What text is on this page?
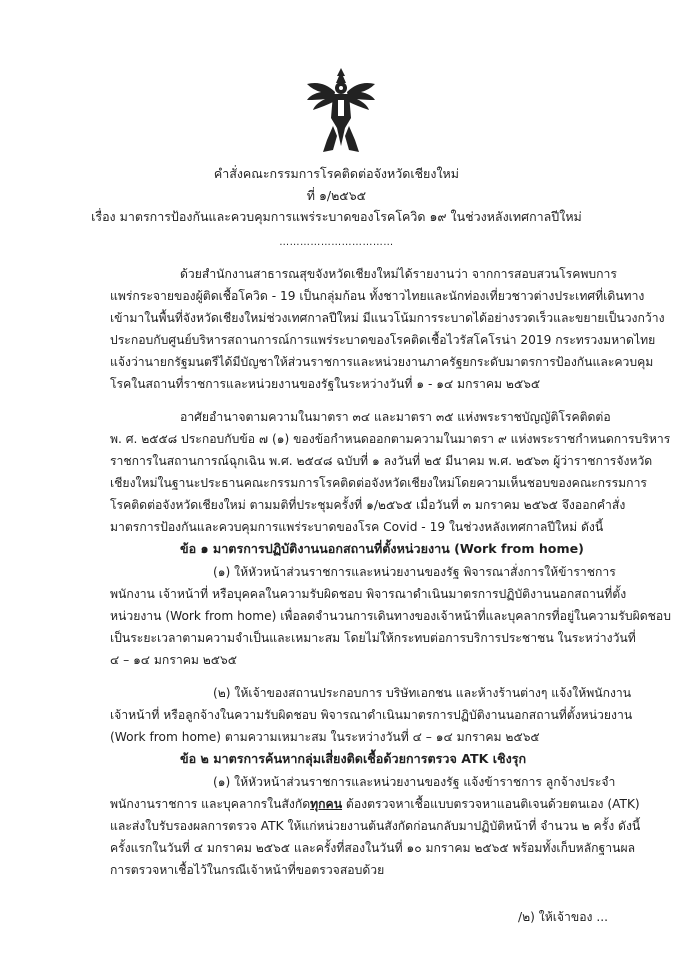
คำสั่งคณะกรรมการโรคติดต่อจังหวัดเชียงใหม่
ที่ ๑/๒๕๖๕
เรื่อง มาตรการป้องกันและควบคุมการแพร่ระบาดของโรคโควิด ๑๙ ในช่วงหลังเทศกาลปีใหม่
……………………………
ด้วยสำนักงานสาธารณสุขจังหวัดเชียงใหม่ได้รายงานว่า จากการสอบสวนโรคพบการ
แพร่กระจายของผู้ติดเชื้อโควิด - 19 เป็นกลุ่มก้อน ทั้งชาวไทยและนักท่องเที่ยวชาวต่างประเทศที่เดินทาง
เข้ามาในพื้นที่จังหวัดเชียงใหม่ช่วงเทศกาลปีใหม่ มีแนวโน้มการระบาดได้อย่างรวดเร็วและขยายเป็นวงกว้าง
ประกอบกับศูนย์บริหารสถานการณ์การแพร่ระบาดของโรคติดเชื้อไวรัสโคโรน่า 2019 กระทรวงมหาดไทย
แจ้งว่านายกรัฐมนตรีได้มีบัญชาให้ส่วนราชการและหน่วยงานภาครัฐยกระดับมาตรการป้องกันและควบคุม
โรคในสถานที่ราชการและหน่วยงานของรัฐในระหว่างวันที่ ๑ - ๑๔ มกราคม ๒๕๖๕
อาศัยอำนาจตามความในมาตรา ๓๔ และมาตรา ๓๕ แห่งพระราชบัญญัติโรคติดต่อ
พ. ศ. ๒๕๕๘ ประกอบกับข้อ ๗ (๑) ของข้อกำหนดออกตามความในมาตรา ๙ แห่งพระราชกำหนดการบริหาร
ราชการในสถานการณ์ฉุกเฉิน พ.ศ. ๒๕๔๘ ฉบับที่ ๑ ลงวันที่ ๒๕ มีนาคม พ.ศ. ๒๕๖๓ ผู้ว่าราชการจังหวัด
เชียงใหม่ในฐานะประธานคณะกรรมการโรคติดต่อจังหวัดเชียงใหม่โดยความเห็นชอบของคณะกรรมการ
โรคติดต่อจังหวัดเชียงใหม่ ตามมติที่ประชุมครั้งที่ ๑/๒๕๖๕ เมื่อวันที่ ๓ มกราคม ๒๕๖๕ จึงออกคำสั่ง
มาตรการป้องกันและควบคุมการแพร่ระบาดของโรค Covid - 19 ในช่วงหลังเทศกาลปีใหม่ ดังนี้
ข้อ ๑ มาตรการปฏิบัติงานนอกสถานที่ตั้งหน่วยงาน (Work from home)
(๑) ให้หัวหน้าส่วนราชการและหน่วยงานของรัฐ พิจารณาสั่งการให้ข้าราชการ
พนักงาน เจ้าหน้าที่ หรือบุคคลในความรับผิดชอบ พิจารณาดำเนินมาตรการปฏิบัติงานนอกสถานที่ตั้ง
หน่วยงาน (Work from home) เพื่อลดจำนวนการเดินทางของเจ้าหน้าที่และบุคลากรที่อยู่ในความรับผิดชอบ
เป็นระยะเวลาตามความจำเป็นและเหมาะสม โดยไม่ให้กระทบต่อการบริการประชาชน ในระหว่างวันที่
๔ – ๑๔ มกราคม ๒๕๖๕
(๒) ให้เจ้าของสถานประกอบการ บริษัทเอกชน และห้างร้านต่างๆ แจ้งให้พนักงาน
เจ้าหน้าที่ หรือลูกจ้างในความรับผิดชอบ พิจารณาดำเนินมาตรการปฏิบัติงานนอกสถานที่ตั้งหน่วยงาน
(Work from home) ตามความเหมาะสม ในระหว่างวันที่ ๔ – ๑๔ มกราคม ๒๕๖๕
ข้อ ๒ มาตรการค้นหากลุ่มเสี่ยงติดเชื้อด้วยการตรวจ ATK เชิงรุก
(๑) ให้หัวหน้าส่วนราชการและหน่วยงานของรัฐ แจ้งข้าราชการ ลูกจ้างประจำ
พนักงานราชการ และบุคลากรในสังกัดทุกคน ต้องตรวจหาเชื้อแบบตรวจหาแอนติเจนด้วยตนเอง (ATK)
และส่งใบรับรองผลการตรวจ ATK ให้แก่หน่วยงานต้นสังกัดก่อนกลับมาปฏิบัติหน้าที่ จำนวน ๒ ครั้ง ดังนี้
ครั้งแรกในวันที่ ๔ มกราคม ๒๕๖๕ และครั้งที่สองในวันที่ ๑๐ มกราคม ๒๕๖๕ พร้อมทั้งเก็บหลักฐานผล
การตรวจหาเชื้อไว้ในกรณีเจ้าหน้าที่ขอตรวจสอบด้วย
/๒) ให้เจ้าของ ...
